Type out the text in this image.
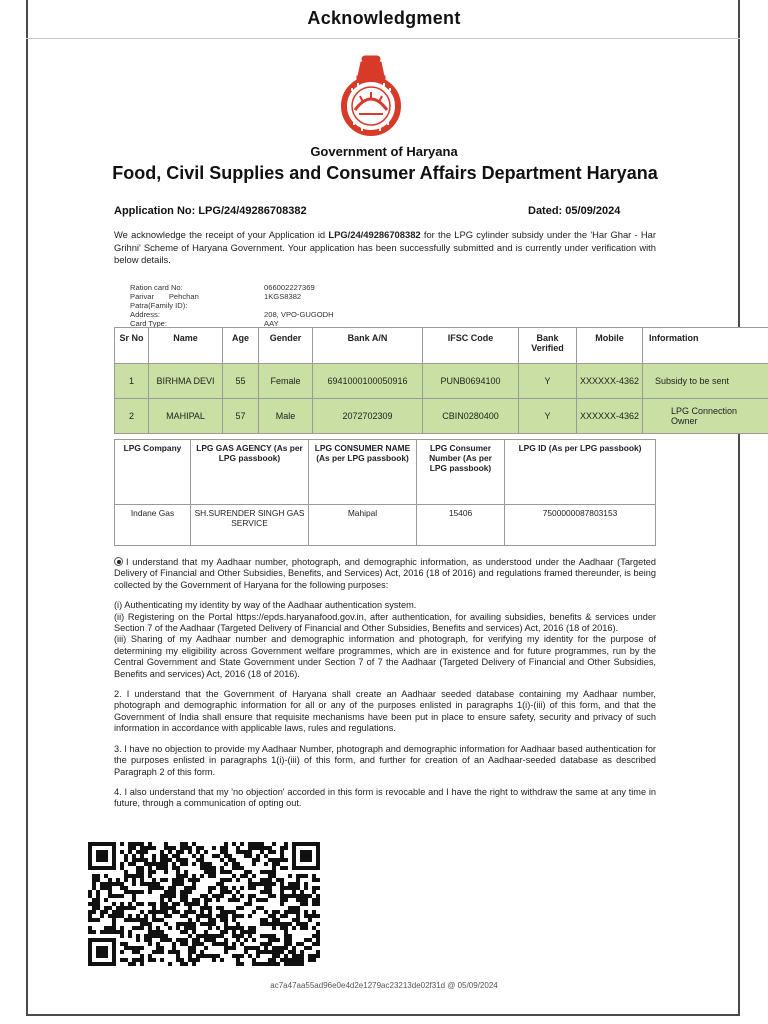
Acknowledgment
Government of Haryana
Food, Civil Supplies and Consumer Affairs Department Haryana
Application No: LPG/24/49286708382	Dated: 05/09/2024
We acknowledge the receipt of your Application id LPG/24/49286708382 for the LPG cylinder subsidy under the 'Har Ghar - Har Grihni' Scheme of Haryana Government. Your application has been successfully submitted and is currently under verification with below details.
Ration card No:	066002227369
Parivar       Pehchan	1KGS8382
Patra(Family ID):
Address:	208, VPO-GUGODH
Card Type:	AAY
Sr No	Name	Age	Gender	Bank A/N	IFSC Code	Bank Verified	Mobile	Information
1	BIRHMA DEVI	55	Female	6941000100050916	PUNB0694100	Y	XXXXXX-4362	Subsidy to be sent
2	MAHIPAL	57	Male	2072702309	CBIN0280400	Y	XXXXXX-4362	LPG Connection Owner
LPG Company	LPG GAS AGENCY (As per LPG passbook)	LPG CONSUMER NAME (As per LPG passbook)	LPG Consumer Number (As per LPG passbook)	LPG ID (As per LPG passbook)
Indane Gas	SH.SURENDER SINGH GAS SERVICE	Mahipal	15406	7500000087803153

I understand that my Aadhaar number, photograph, and demographic information, as understood under the Aadhaar (Targeted Delivery of Financial and Other Subsidies, Benefits, and Services) Act, 2016 (18 of 2016) and regulations framed thereunder, is being collected by the Government of Haryana for the following purposes:

(i) Authenticating my identity by way of the Aadhaar authentication system.

(ii) Registering on the Portal https://epds.haryanafood.gov.in, after authentication, for availing subsidies, benefits & services under Section 7 of the Aadhaar (Targeted Delivery of Financial and Other Subsidies, Benefits and services) Act, 2016 (18 of 2016).

(iii) Sharing of my Aadhaar number and demographic information and photograph, for verifying my identity for the purpose of determining my eligibility across Government welfare programmes, which are in existence and for future programmes, run by the Central Government and State Government under Section 7 of 7 the Aadhaar (Targeted Delivery of Financial and Other Subsidies, Benefits and services) Act, 2016 (18 of 2016).

2. I understand that the Government of Haryana shall create an Aadhaar seeded database containing my Aadhaar number, photograph and demographic information for all or any of the purposes enlisted in paragraphs 1(i)-(iii) of this form, and that the Government of India shall ensure that requisite mechanisms have been put in place to ensure safety, security and privacy of such information in accordance with applicable laws, rules and regulations.

3. I have no objection to provide my Aadhaar Number, photograph and demographic information for Aadhaar based authentication for the purposes enlisted in paragraphs 1(i)-(iii) of this form, and further for creation of an Aadhaar-seeded database as described Paragraph 2 of this form.

4. I also understand that my 'no objection' accorded in this form is revocable and I have the right to withdraw the same at any time in future, through a communication of opting out.

ac7a47aa55ad96e0e4d2e1279ac23213de02f31d @ 05/09/2024
